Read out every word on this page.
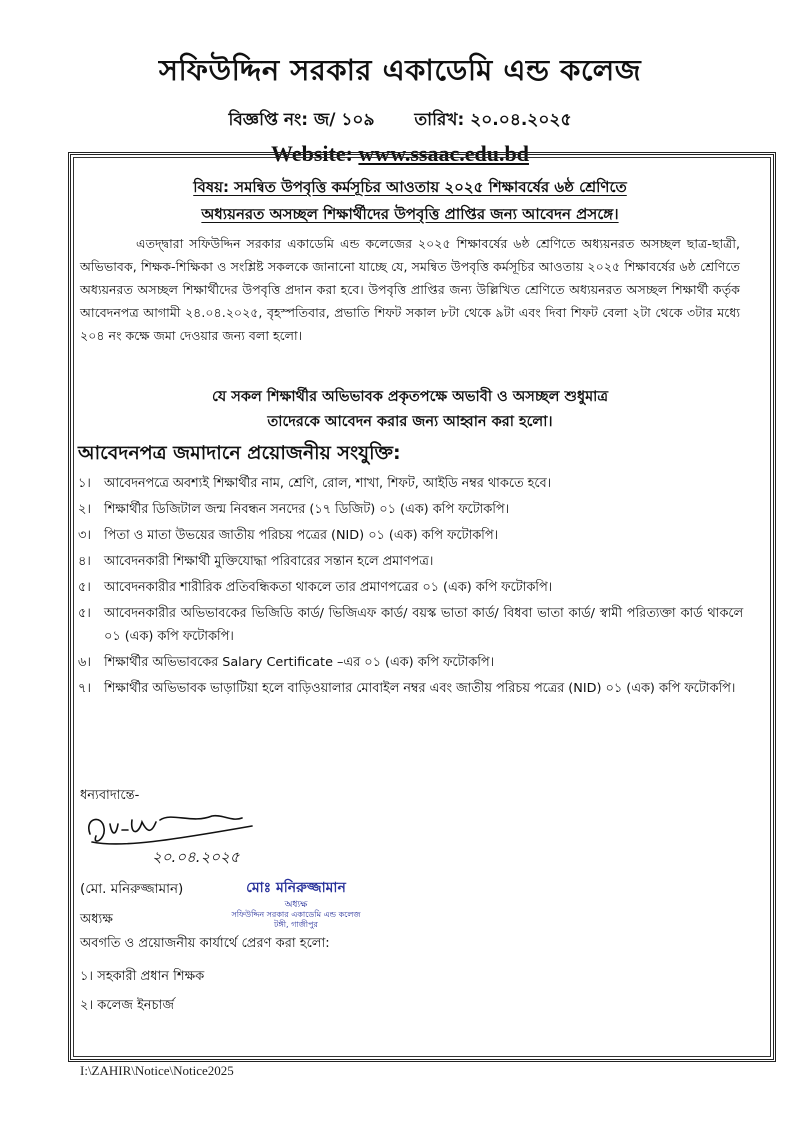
সফিউদ্দিন সরকার একাডেমি এন্ড কলেজ
বিজ্ঞপ্তি নং: জ/ ১০৯ তারিখ: ২০.০৪.২০২৫
Website: www.ssaac.edu.bd
বিষয়: সমন্বিত উপবৃত্তি কর্মসূচির আওতায় ২০২৫ শিক্ষাবর্ষের ৬ষ্ঠ শ্রেণিতে
অধ্যয়নরত অসচ্ছল শিক্ষার্থীদের উপবৃত্তি প্রাপ্তির জন্য আবেদন প্রসঙ্গে।
এতদ্দ্বারা সফিউদ্দিন সরকার একাডেমি এন্ড কলেজের ২০২৫ শিক্ষাবর্ষের ৬ষ্ঠ শ্রেণিতে অধ্যয়নরত অসচ্ছল ছাত্র-ছাত্রী, অভিভাবক, শিক্ষক-শিক্ষিকা ও সংশ্লিষ্ট সকলকে জানানো যাচ্ছে যে, সমন্বিত উপবৃত্তি কর্মসূচির আওতায় ২০২৫ শিক্ষাবর্ষের ৬ষ্ঠ শ্রেণিতে অধ্যয়নরত অসচ্ছল শিক্ষার্থীদের উপবৃত্তি প্রদান করা হবে। উপবৃত্তি প্রাপ্তির জন্য উল্লিখিত শ্রেণিতে অধ্যয়নরত অসচ্ছল শিক্ষার্থী কর্তৃক আবেদনপত্র আগামী ২৪.০৪.২০২৫, বৃহস্পতিবার, প্রভাতি শিফট সকাল ৮টা থেকে ৯টা এবং দিবা শিফট বেলা ২টা থেকে ৩টার মধ্যে ২০৪ নং কক্ষে জমা দেওয়ার জন্য বলা হলো।
যে সকল শিক্ষার্থীর অভিভাবক প্রকৃতপক্ষে অভাবী ও অসচ্ছল শুধুমাত্র
তাদেরকে আবেদন করার জন্য আহ্বান করা হলো।
আবেদনপত্র জমাদানে প্রয়োজনীয় সংযুক্তি:
১।	আবেদনপত্রে অবশ্যই শিক্ষার্থীর নাম, শ্রেণি, রোল, শাখা, শিফট, আইডি নম্বর থাকতে হবে।
২।	শিক্ষার্থীর ডিজিটাল জন্ম নিবন্ধন সনদের (১৭ ডিজিট) ০১ (এক) কপি ফটোকপি।
৩।	পিতা ও মাতা উভয়ের জাতীয় পরিচয় পত্রের (NID) ০১ (এক) কপি ফটোকপি।
৪।	আবেদনকারী শিক্ষার্থী মুক্তিযোদ্ধা পরিবারের সন্তান হলে প্রমাণপত্র।
৫।	আবেদনকারীর শারীরিক প্রতিবন্ধিকতা থাকলে তার প্রমাণপত্রের ০১ (এক) কপি ফটোকপি।
৫।	আবেদনকারীর অভিভাবকের ভিজিডি কার্ড/ ভিজিএফ কার্ড/ বয়স্ক ভাতা কার্ড/ বিধবা ভাতা কার্ড/ স্বামী পরিত্যক্তা কার্ড থাকলে ০১ (এক) কপি ফটোকপি।
৬।	শিক্ষার্থীর অভিভাবকের Salary Certificate –এর ০১ (এক) কপি ফটোকপি।
৭।	শিক্ষার্থীর অভিভাবক ভাড়াটিয়া হলে বাড়িওয়ালার মোবাইল নম্বর এবং জাতীয় পরিচয় পত্রের (NID) ০১ (এক) কপি ফটোকপি।
ধন্যবাদান্তে-
২০.০৪.২০২৫
(মো. মনিরুজ্জামান)	মোঃ মনিরুজ্জামান
অধ্যক্ষ
সফিউদ্দিন সরকার একাডেমি এন্ড কলেজ
টঙ্গী, গাজীপুর
অধ্যক্ষ
অবগতি ও প্রয়োজনীয় কার্যার্থে প্রেরণ করা হলো:
১। সহকারী প্রধান শিক্ষক
২। কলেজ ইনচার্জ
I:\ZAHIR\Notice\Notice2025
